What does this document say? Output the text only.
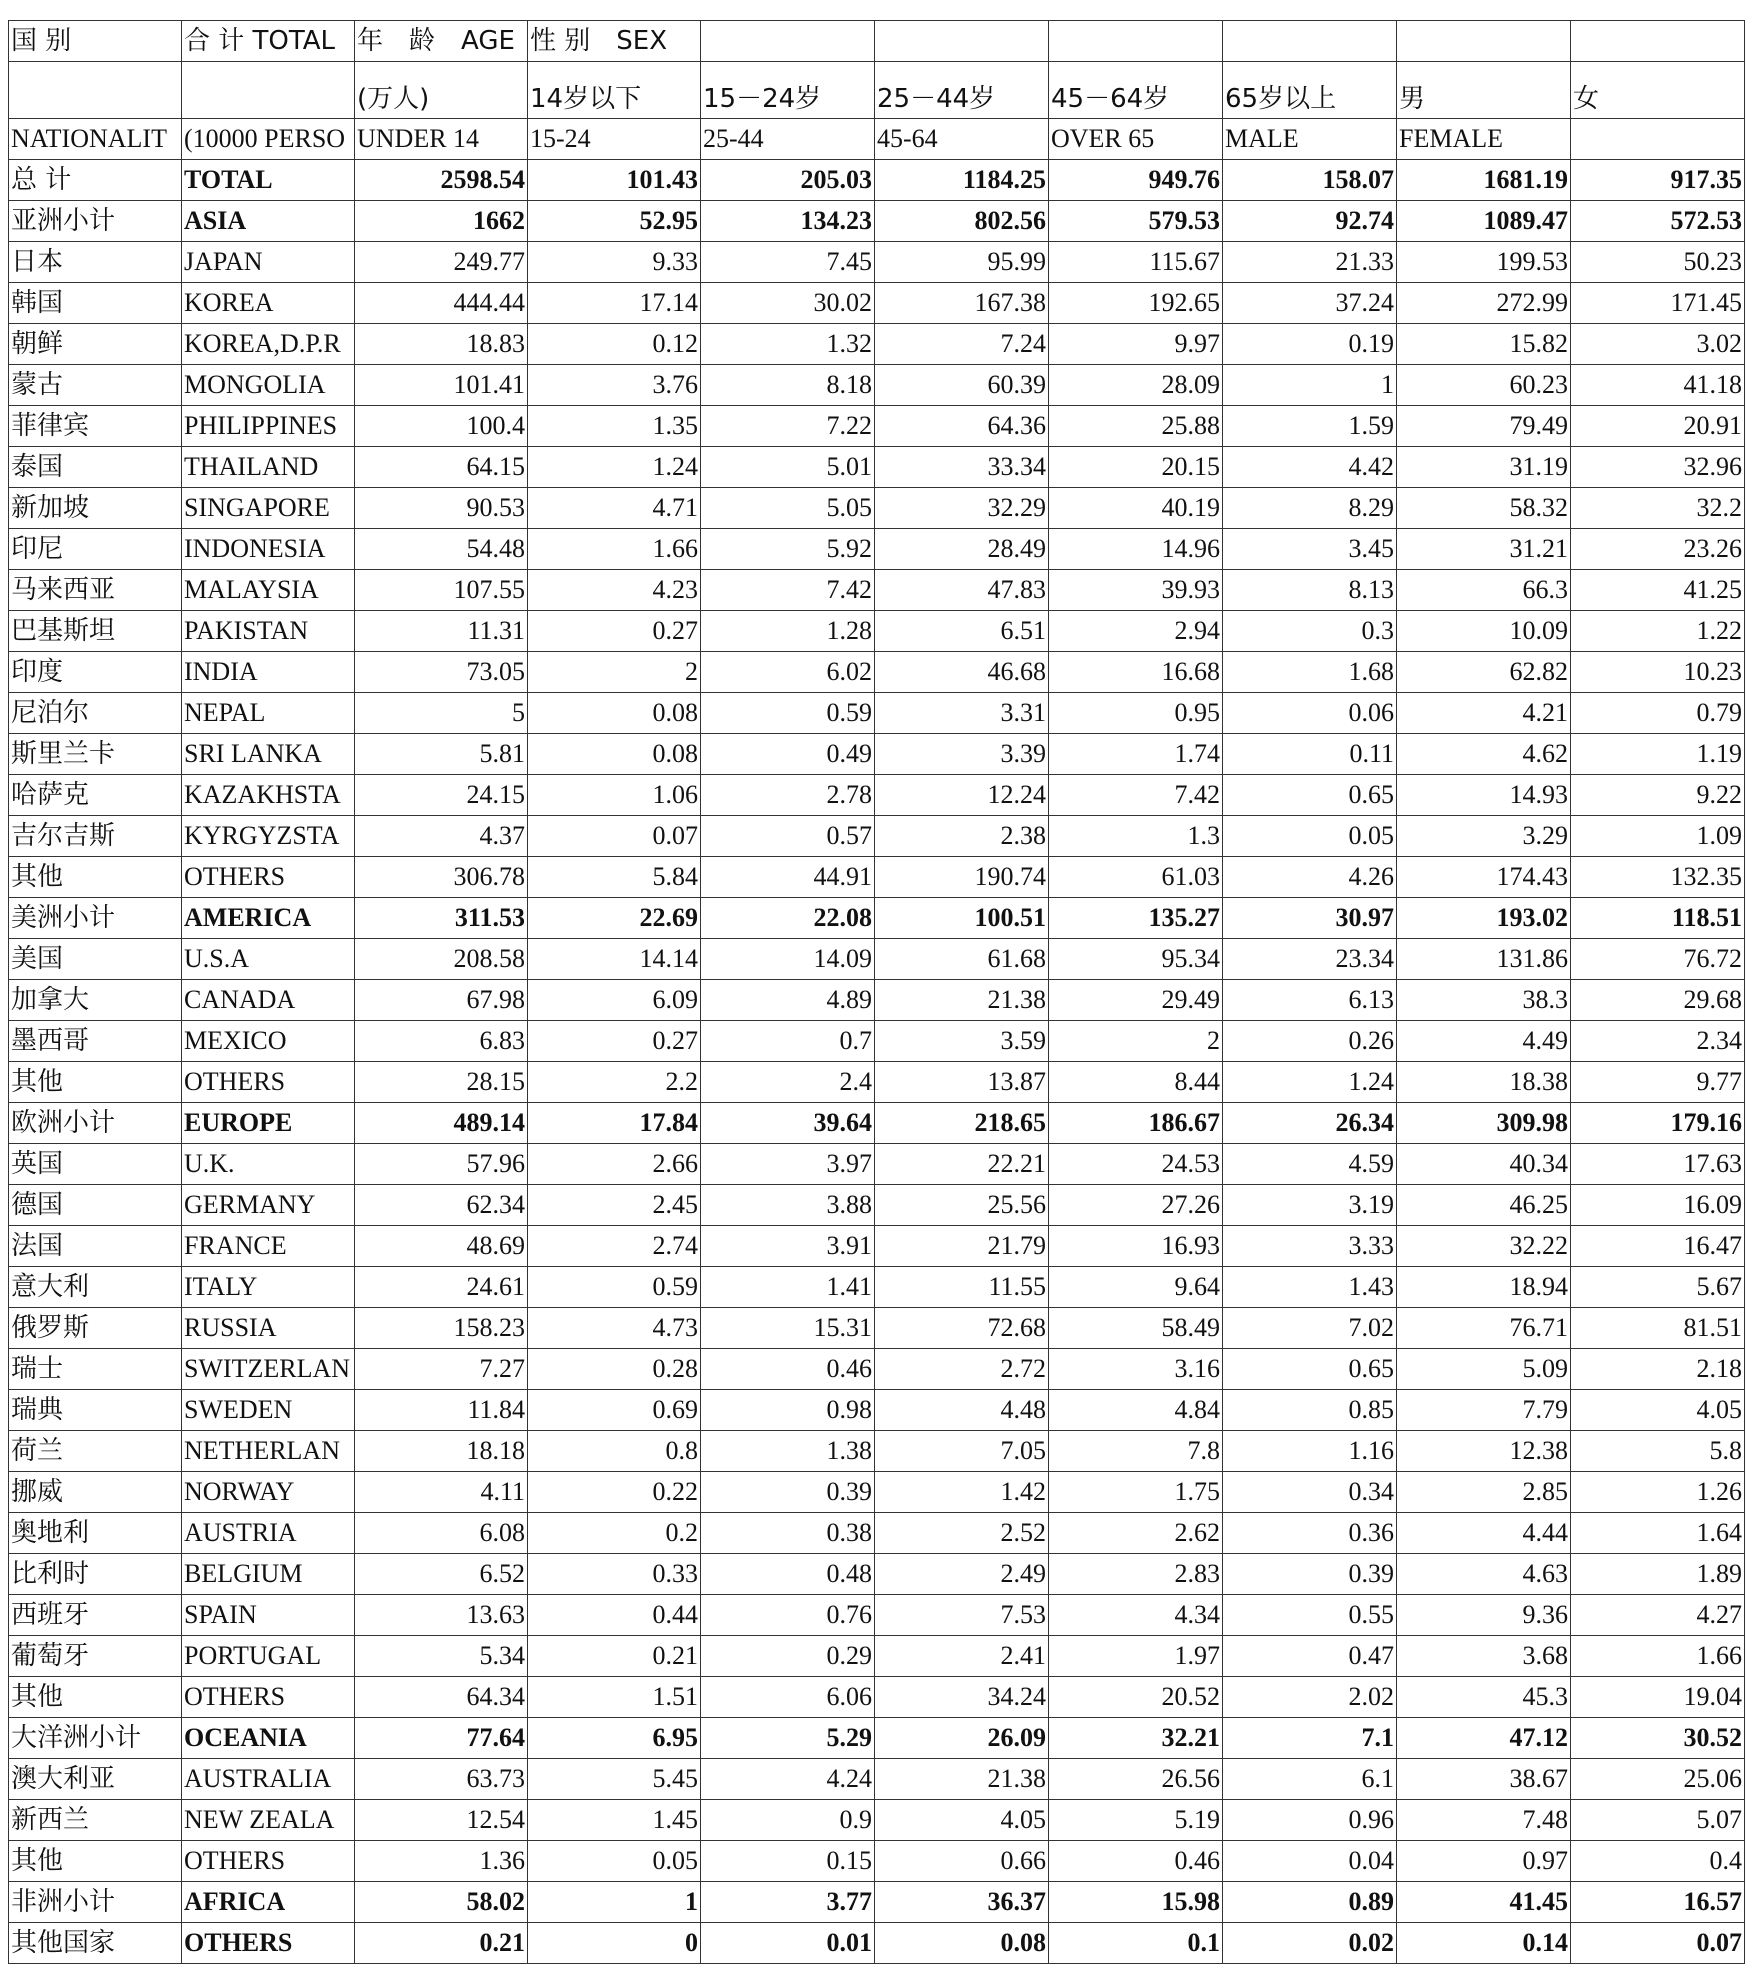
国 别	合 计 TOTAL	年　龄　AGE	性 别　SEX						
		(万人)	14岁以下	15－24岁	25－44岁	45－64岁	65岁以上	男	女
NATIONALIT	(10000 PERSO	UNDER 14	15-24	25-44	45-64	OVER 65	MALE	FEMALE	
总 计	TOTAL	2598.54	101.43	205.03	1184.25	949.76	158.07	1681.19	917.35
亚洲小计	ASIA	1662	52.95	134.23	802.56	579.53	92.74	1089.47	572.53
日本	JAPAN	249.77	9.33	7.45	95.99	115.67	21.33	199.53	50.23
韩国	KOREA	444.44	17.14	30.02	167.38	192.65	37.24	272.99	171.45
朝鲜	KOREA,D.P.R	18.83	0.12	1.32	7.24	9.97	0.19	15.82	3.02
蒙古	MONGOLIA	101.41	3.76	8.18	60.39	28.09	1	60.23	41.18
菲律宾	PHILIPPINES	100.4	1.35	7.22	64.36	25.88	1.59	79.49	20.91
泰国	THAILAND	64.15	1.24	5.01	33.34	20.15	4.42	31.19	32.96
新加坡	SINGAPORE	90.53	4.71	5.05	32.29	40.19	8.29	58.32	32.2
印尼	INDONESIA	54.48	1.66	5.92	28.49	14.96	3.45	31.21	23.26
马来西亚	MALAYSIA	107.55	4.23	7.42	47.83	39.93	8.13	66.3	41.25
巴基斯坦	PAKISTAN	11.31	0.27	1.28	6.51	2.94	0.3	10.09	1.22
印度	INDIA	73.05	2	6.02	46.68	16.68	1.68	62.82	10.23
尼泊尔	NEPAL	5	0.08	0.59	3.31	0.95	0.06	4.21	0.79
斯里兰卡	SRI LANKA	5.81	0.08	0.49	3.39	1.74	0.11	4.62	1.19
哈萨克	KAZAKHSTA	24.15	1.06	2.78	12.24	7.42	0.65	14.93	9.22
吉尔吉斯	KYRGYZSTA	4.37	0.07	0.57	2.38	1.3	0.05	3.29	1.09
其他	OTHERS	306.78	5.84	44.91	190.74	61.03	4.26	174.43	132.35
美洲小计	AMERICA	311.53	22.69	22.08	100.51	135.27	30.97	193.02	118.51
美国	U.S.A	208.58	14.14	14.09	61.68	95.34	23.34	131.86	76.72
加拿大	CANADA	67.98	6.09	4.89	21.38	29.49	6.13	38.3	29.68
墨西哥	MEXICO	6.83	0.27	0.7	3.59	2	0.26	4.49	2.34
其他	OTHERS	28.15	2.2	2.4	13.87	8.44	1.24	18.38	9.77
欧洲小计	EUROPE	489.14	17.84	39.64	218.65	186.67	26.34	309.98	179.16
英国	U.K.	57.96	2.66	3.97	22.21	24.53	4.59	40.34	17.63
德国	GERMANY	62.34	2.45	3.88	25.56	27.26	3.19	46.25	16.09
法国	FRANCE	48.69	2.74	3.91	21.79	16.93	3.33	32.22	16.47
意大利	ITALY	24.61	0.59	1.41	11.55	9.64	1.43	18.94	5.67
俄罗斯	RUSSIA	158.23	4.73	15.31	72.68	58.49	7.02	76.71	81.51
瑞士	SWITZERLAN	7.27	0.28	0.46	2.72	3.16	0.65	5.09	2.18
瑞典	SWEDEN	11.84	0.69	0.98	4.48	4.84	0.85	7.79	4.05
荷兰	NETHERLAN	18.18	0.8	1.38	7.05	7.8	1.16	12.38	5.8
挪威	NORWAY	4.11	0.22	0.39	1.42	1.75	0.34	2.85	1.26
奥地利	AUSTRIA	6.08	0.2	0.38	2.52	2.62	0.36	4.44	1.64
比利时	BELGIUM	6.52	0.33	0.48	2.49	2.83	0.39	4.63	1.89
西班牙	SPAIN	13.63	0.44	0.76	7.53	4.34	0.55	9.36	4.27
葡萄牙	PORTUGAL	5.34	0.21	0.29	2.41	1.97	0.47	3.68	1.66
其他	OTHERS	64.34	1.51	6.06	34.24	20.52	2.02	45.3	19.04
大洋洲小计	OCEANIA	77.64	6.95	5.29	26.09	32.21	7.1	47.12	30.52
澳大利亚	AUSTRALIA	63.73	5.45	4.24	21.38	26.56	6.1	38.67	25.06
新西兰	NEW ZEALA	12.54	1.45	0.9	4.05	5.19	0.96	7.48	5.07
其他	OTHERS	1.36	0.05	0.15	0.66	0.46	0.04	0.97	0.4
非洲小计	AFRICA	58.02	1	3.77	36.37	15.98	0.89	41.45	16.57
其他国家	OTHERS	0.21	0	0.01	0.08	0.1	0.02	0.14	0.07
